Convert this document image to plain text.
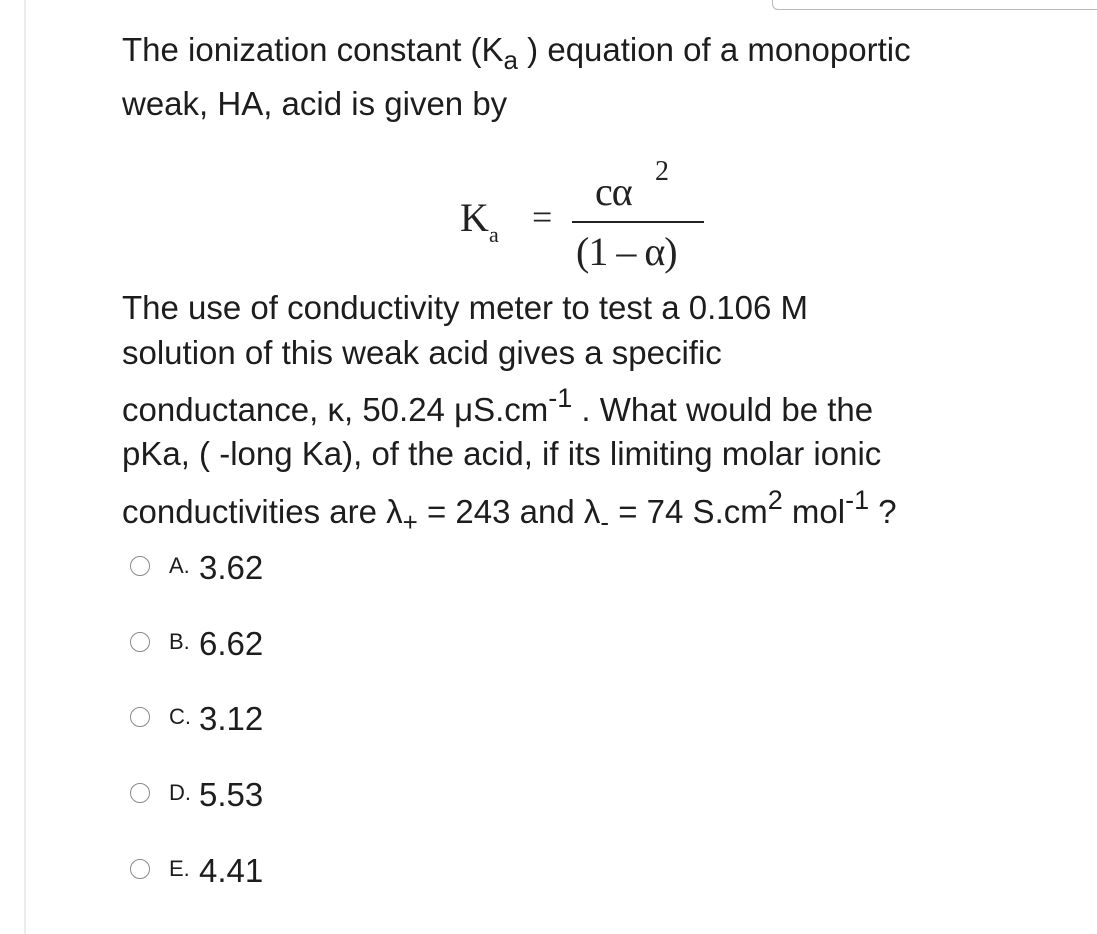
The ionization constant ($K_a$ ) equation of a monoportic
weak, HA, acid is given by
K a =
cα 2
(1 – α)
The use of conductivity meter to test a 0.106 M
solution of this weak acid gives a specific
conductance, κ, 50.24 $\mu S.cm^{-1}$ . What would be the
pKa, ( -long Ka), of the acid, if its limiting molar ionic
conductivities are $\lambda_+ = 243$ and $\lambda_- = 74$ $S.cm^2$ mol$^{-1}$ ?
A. 3.62
B. 6.62
C. 3.12
D. 5.53
E. 4.41
